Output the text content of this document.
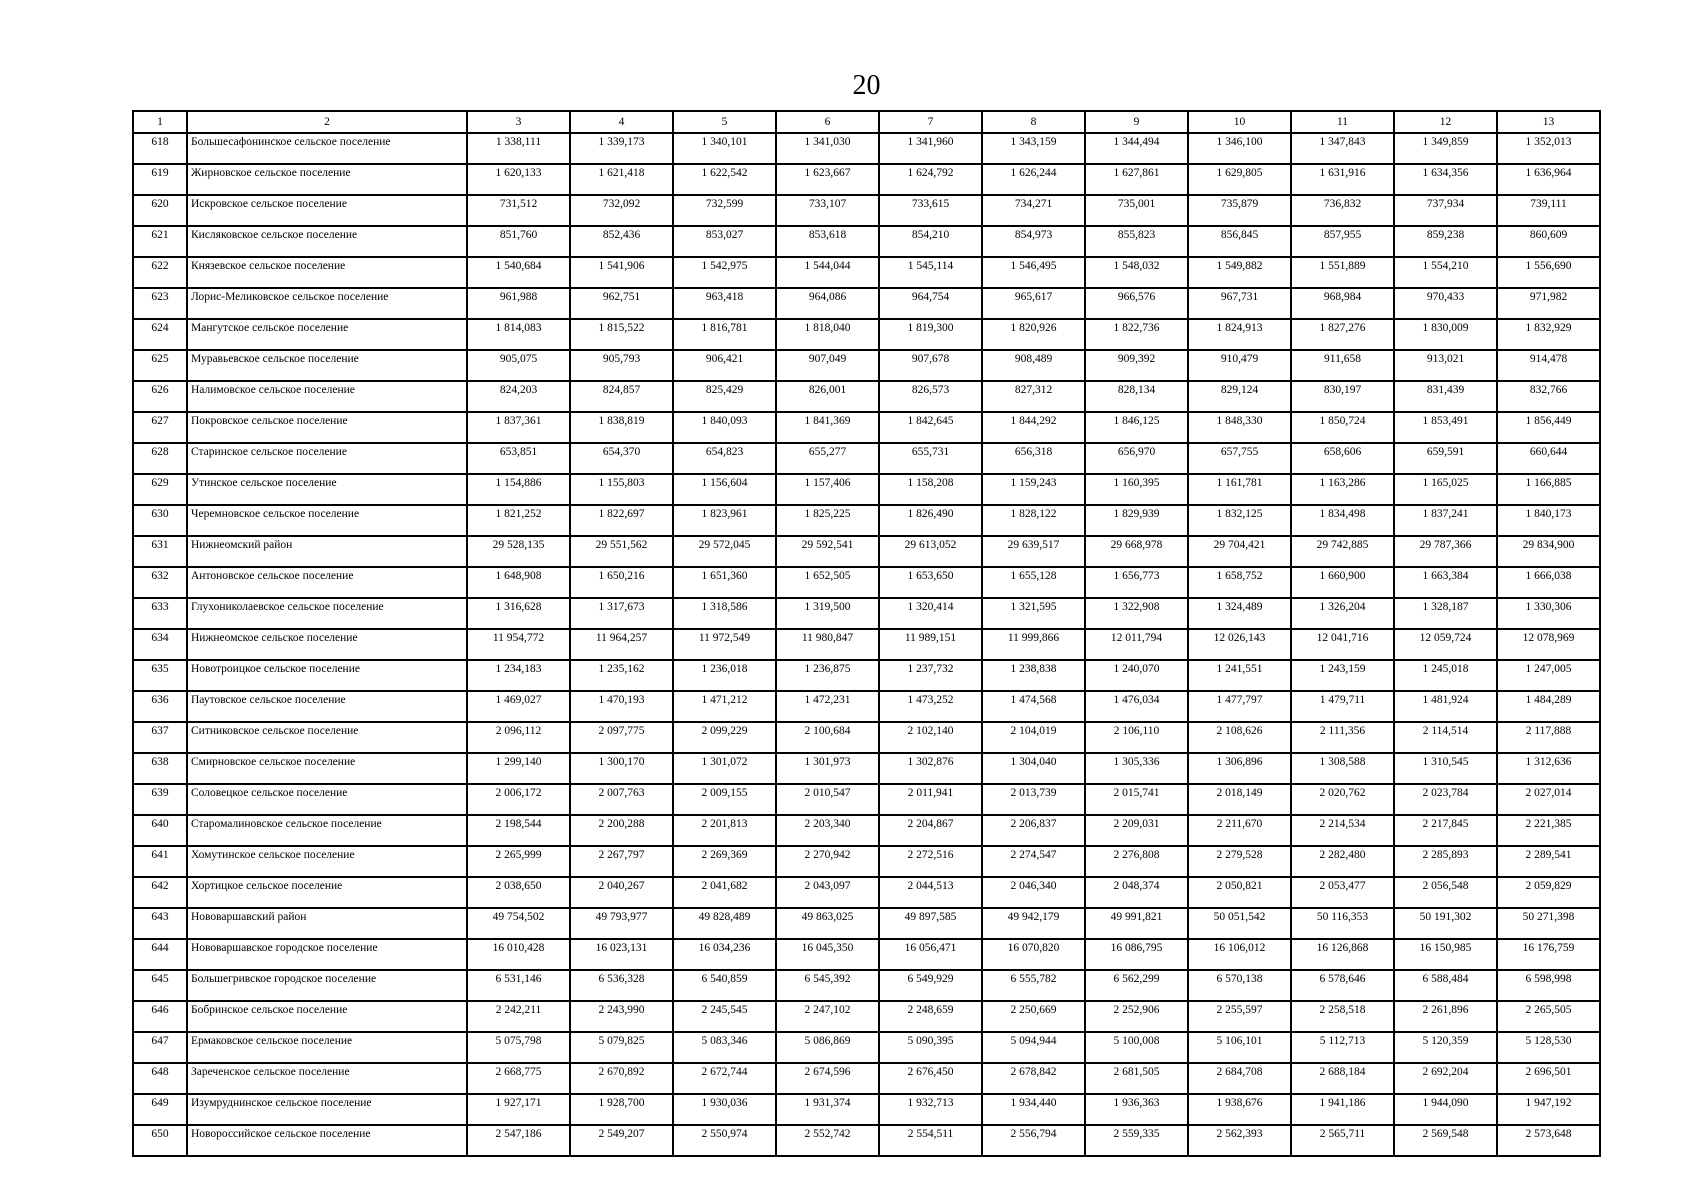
20
1	2	3	4	5	6	7	8	9	10	11	12	13
618	Большесафонинское сельское поселение	1 338,111	1 339,173	1 340,101	1 341,030	1 341,960	1 343,159	1 344,494	1 346,100	1 347,843	1 349,859	1 352,013
619	Жирновское сельское поселение	1 620,133	1 621,418	1 622,542	1 623,667	1 624,792	1 626,244	1 627,861	1 629,805	1 631,916	1 634,356	1 636,964
620	Искровское сельское поселение	731,512	732,092	732,599	733,107	733,615	734,271	735,001	735,879	736,832	737,934	739,111
621	Кисляковское сельское поселение	851,760	852,436	853,027	853,618	854,210	854,973	855,823	856,845	857,955	859,238	860,609
622	Князевское сельское поселение	1 540,684	1 541,906	1 542,975	1 544,044	1 545,114	1 546,495	1 548,032	1 549,882	1 551,889	1 554,210	1 556,690
623	Лорис-Меликовское сельское поселение	961,988	962,751	963,418	964,086	964,754	965,617	966,576	967,731	968,984	970,433	971,982
624	Мангутское сельское поселение	1 814,083	1 815,522	1 816,781	1 818,040	1 819,300	1 820,926	1 822,736	1 824,913	1 827,276	1 830,009	1 832,929
625	Муравьевское сельское поселение	905,075	905,793	906,421	907,049	907,678	908,489	909,392	910,479	911,658	913,021	914,478
626	Налимовское сельское поселение	824,203	824,857	825,429	826,001	826,573	827,312	828,134	829,124	830,197	831,439	832,766
627	Покровское сельское поселение	1 837,361	1 838,819	1 840,093	1 841,369	1 842,645	1 844,292	1 846,125	1 848,330	1 850,724	1 853,491	1 856,449
628	Старинское сельское поселение	653,851	654,370	654,823	655,277	655,731	656,318	656,970	657,755	658,606	659,591	660,644
629	Утинское сельское поселение	1 154,886	1 155,803	1 156,604	1 157,406	1 158,208	1 159,243	1 160,395	1 161,781	1 163,286	1 165,025	1 166,885
630	Черемновское сельское поселение	1 821,252	1 822,697	1 823,961	1 825,225	1 826,490	1 828,122	1 829,939	1 832,125	1 834,498	1 837,241	1 840,173
631	Нижнеомский район	29 528,135	29 551,562	29 572,045	29 592,541	29 613,052	29 639,517	29 668,978	29 704,421	29 742,885	29 787,366	29 834,900
632	Антоновское сельское поселение	1 648,908	1 650,216	1 651,360	1 652,505	1 653,650	1 655,128	1 656,773	1 658,752	1 660,900	1 663,384	1 666,038
633	Глухониколаевское сельское поселение	1 316,628	1 317,673	1 318,586	1 319,500	1 320,414	1 321,595	1 322,908	1 324,489	1 326,204	1 328,187	1 330,306
634	Нижнеомское сельское поселение	11 954,772	11 964,257	11 972,549	11 980,847	11 989,151	11 999,866	12 011,794	12 026,143	12 041,716	12 059,724	12 078,969
635	Новотроицкое сельское поселение	1 234,183	1 235,162	1 236,018	1 236,875	1 237,732	1 238,838	1 240,070	1 241,551	1 243,159	1 245,018	1 247,005
636	Паутовское сельское поселение	1 469,027	1 470,193	1 471,212	1 472,231	1 473,252	1 474,568	1 476,034	1 477,797	1 479,711	1 481,924	1 484,289
637	Ситниковское сельское поселение	2 096,112	2 097,775	2 099,229	2 100,684	2 102,140	2 104,019	2 106,110	2 108,626	2 111,356	2 114,514	2 117,888
638	Смирновское сельское поселение	1 299,140	1 300,170	1 301,072	1 301,973	1 302,876	1 304,040	1 305,336	1 306,896	1 308,588	1 310,545	1 312,636
639	Соловецкое сельское поселение	2 006,172	2 007,763	2 009,155	2 010,547	2 011,941	2 013,739	2 015,741	2 018,149	2 020,762	2 023,784	2 027,014
640	Старомалиновское сельское поселение	2 198,544	2 200,288	2 201,813	2 203,340	2 204,867	2 206,837	2 209,031	2 211,670	2 214,534	2 217,845	2 221,385
641	Хомутинское сельское поселение	2 265,999	2 267,797	2 269,369	2 270,942	2 272,516	2 274,547	2 276,808	2 279,528	2 282,480	2 285,893	2 289,541
642	Хортицкое сельское поселение	2 038,650	2 040,267	2 041,682	2 043,097	2 044,513	2 046,340	2 048,374	2 050,821	2 053,477	2 056,548	2 059,829
643	Нововаршавский район	49 754,502	49 793,977	49 828,489	49 863,025	49 897,585	49 942,179	49 991,821	50 051,542	50 116,353	50 191,302	50 271,398
644	Нововаршавское городское поселение	16 010,428	16 023,131	16 034,236	16 045,350	16 056,471	16 070,820	16 086,795	16 106,012	16 126,868	16 150,985	16 176,759
645	Большегривское городское поселение	6 531,146	6 536,328	6 540,859	6 545,392	6 549,929	6 555,782	6 562,299	6 570,138	6 578,646	6 588,484	6 598,998
646	Бобринское сельское поселение	2 242,211	2 243,990	2 245,545	2 247,102	2 248,659	2 250,669	2 252,906	2 255,597	2 258,518	2 261,896	2 265,505
647	Ермаковское сельское поселение	5 075,798	5 079,825	5 083,346	5 086,869	5 090,395	5 094,944	5 100,008	5 106,101	5 112,713	5 120,359	5 128,530
648	Зареченское сельское поселение	2 668,775	2 670,892	2 672,744	2 674,596	2 676,450	2 678,842	2 681,505	2 684,708	2 688,184	2 692,204	2 696,501
649	Изумруднинское сельское поселение	1 927,171	1 928,700	1 930,036	1 931,374	1 932,713	1 934,440	1 936,363	1 938,676	1 941,186	1 944,090	1 947,192
650	Новороссийское сельское поселение	2 547,186	2 549,207	2 550,974	2 552,742	2 554,511	2 556,794	2 559,335	2 562,393	2 565,711	2 569,548	2 573,648
